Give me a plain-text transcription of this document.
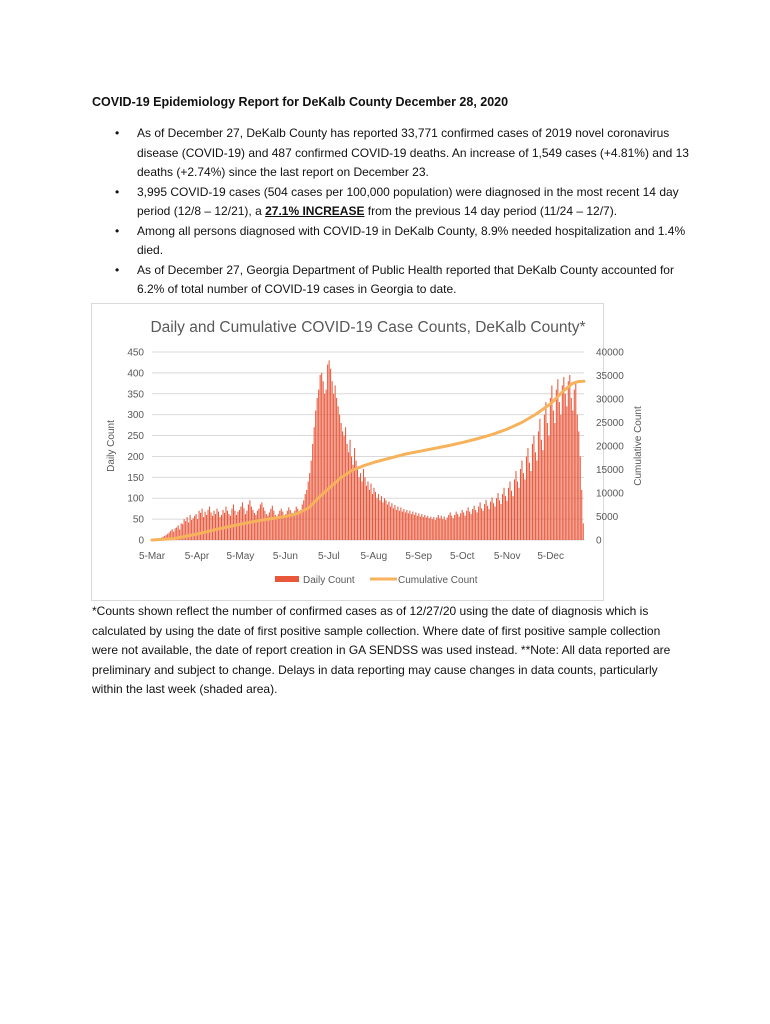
COVID-19 Epidemiology Report for DeKalb County December 28, 2020
• As of December 27, DeKalb County has reported 33,771 confirmed cases of 2019 novel coronavirus disease (COVID-19) and 487 confirmed COVID-19 deaths. An increase of 1,549 cases (+4.81%) and 13 deaths (+2.74%) since the last report on December 23.
• 3,995 COVID-19 cases (504 cases per 100,000 population) were diagnosed in the most recent 14 day period (12/8 – 12/21), a 27.1% INCREASE from the previous 14 day period (11/24 – 12/7).
• Among all persons diagnosed with COVID-19 in DeKalb County, 8.9% needed hospitalization and 1.4% died.
• As of December 27, Georgia Department of Public Health reported that DeKalb County accounted for 6.2% of total number of COVID-19 cases in Georgia to date.
Daily and Cumulative COVID-19 Case Counts, DeKalb County*
0
50
100
150
200
250
300
350
400
450
0
5000
10000
15000
20000
25000
30000
35000
40000
Daily Count	Cumulative Count
5-Mar 5-Apr 5-May 5-Jun 5-Jul 5-Aug 5-Sep 5-Oct 5-Nov 5-Dec
Daily Count	Cumulative Count
*Counts shown reflect the number of confirmed cases as of 12/27/20 using the date of diagnosis which is calculated by using the date of first positive sample collection. Where date of first positive sample collection were not available, the date of report creation in GA SENDSS was used instead. **Note: All data reported are preliminary and subject to change. Delays in data reporting may cause changes in data counts, particularly within the last week (shaded area).
